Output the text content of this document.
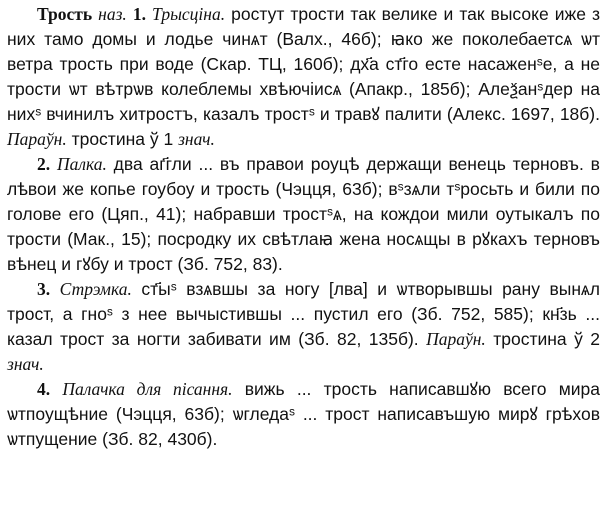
Трость наз. 1. Трысціна. ростут трости так велике и так высоке иже з них тамо домы и лодье чинѧт (Валх., 46б); ꙗко же поколебаетсѧ ѡт ветра трость при воде (Скар. ТЦ, 160б); дх҃а ст҃го есте насаженˢе, а не трости ѡт вѣтрѡв колеблемы хвѣючіисѧ (Апакр., 185б); Алеѯанˢдер на нихˢ вчинилъ хитростъ, казалъ тростˢ и травꙋ палити (Алекс. 1697, 18б). Параўн. тростина ў 1 знач.

2. Палка. два аг҃гли ... въ правои роуцѣ держащи венець терновъ. в лѣвои же копье гоубоу и трость (Чэцця, 63б); вˢзѧли тˢросьть и били по голове его (Цяп., 41); набравши тростˢѧ, на кождои мили оутыкалъ по трости (Мак., 15); посродку их свѣтлаꙗ жена носѧщы в рꙋкахъ терновъ вѣнец и гꙋбу и трост (Зб. 752, 83).

3. Стрэмка. ст҃ыˢ взѧвшы за ногу [лва] и ѡтворывшы рану вынѧл трост, а гноˢ з нее вычыстившы ... пустил его (Зб. 752, 585); кн҃зь ... казал трост за ногти забивати им (Зб. 82, 135б). Параўн. тростина ў 2 знач.

4. Палачка для пісання. вижь ... трость написавшꙋю всего мира ѡтпоущѣние (Чэцця, 63б); ѡгледаˢ ... трост написавъшую мирꙋ грѣхов ѡтпущение (Зб. 82, 430б).
